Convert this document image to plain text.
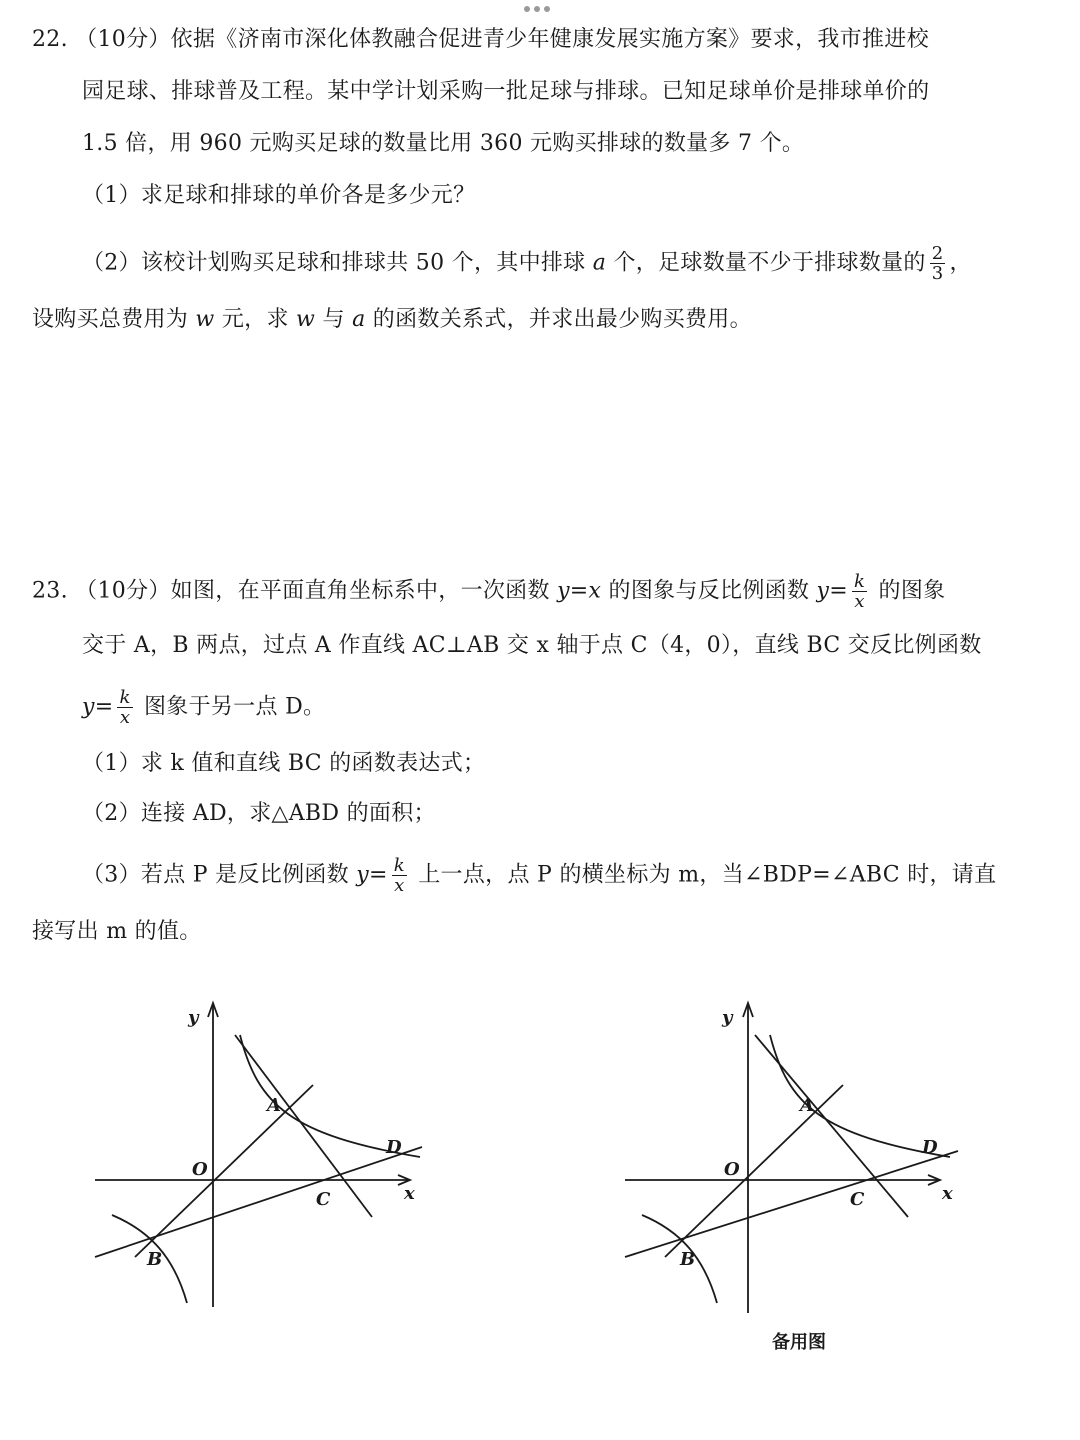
22. （10分）依据《济南市深化体教融合促进青少年健康发展实施方案》要求，我市推进校
园足球、排球普及工程。某中学计划采购一批足球与排球。已知足球单价是排球单价的
1.5 倍，用 960 元购买足球的数量比用 360 元购买排球的数量多 7 个。
（1）求足球和排球的单价各是多少元？
（2）该校计划购买足球和排球共 50 个，其中排球 a 个，足球数量不少于排球数量的 $\frac{2}{3}$ ，
设购买总费用为 w 元，求 w 与 a 的函数关系式，并求出最少购买费用。
23. （10分）如图，在平面直角坐标系中，一次函数 y=x 的图象与反比例函数 $y= \frac{k}{x}$ 的图象
交于 A，B 两点，过点 A 作直线 AC⊥AB 交 x 轴于点 C（4，0），直线 BC 交反比例函数
$y= \frac{k}{x}$ 图象于另一点 D。
（1）求 k 值和直线 BC 的函数表达式；
（2）连接 AD，求△ABD 的面积；
（3）若点 P 是反比例函数 $y= \frac{k}{x}$ 上一点，点 P 的横坐标为 m，当∠BDP=∠ABC 时，请直
接写出 m 的值。
y
x
O
A
B
C
D
y
x
O
A
B
C
D
备用图
